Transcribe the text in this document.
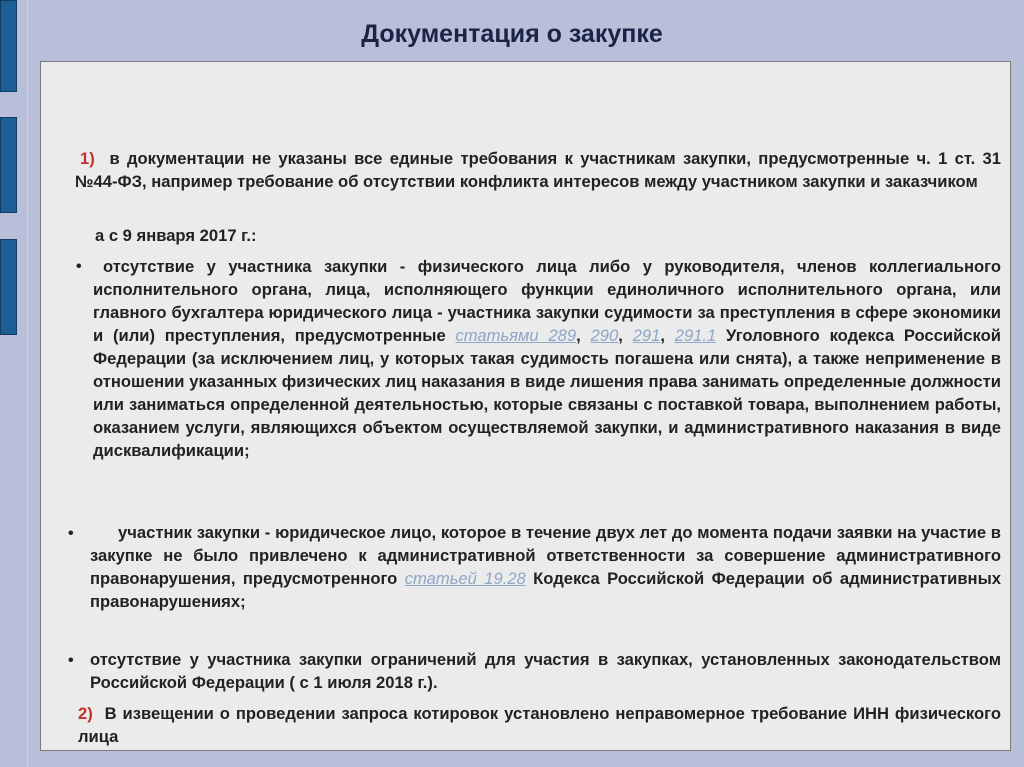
Документация о закупке
1) в документации не указаны все единые требования к участникам закупки, предусмотренные ч. 1 ст. 31 №44-ФЗ, например требование об отсутствии конфликта интересов между участником закупки и заказчиком
а с 9 января 2017 г.:
•	отсутствие у участника закупки - физического лица либо у руководителя, членов коллегиального исполнительного органа, лица, исполняющего функции единоличного исполнительного органа, или главного бухгалтера юридического лица - участника закупки судимости за преступления в сфере экономики и (или) преступления, предусмотренные статьями 289, 290, 291, 291.1 Уголовного кодекса Российской Федерации (за исключением лиц, у которых такая судимость погашена или снята), а также неприменение в отношении указанных физических лиц наказания в виде лишения права занимать определенные должности или заниматься определенной деятельностью, которые связаны с поставкой товара, выполнением работы, оказанием услуги, являющихся объектом осуществляемой закупки, и административного наказания в виде дисквалификации;
•	участник закупки - юридическое лицо, которое в течение двух лет до момента подачи заявки на участие в закупке не было привлечено к административной ответственности за совершение административного правонарушения, предусмотренного статьей 19.28 Кодекса Российской Федерации об административных правонарушениях;
• отсутствие у участника закупки ограничений для участия в закупках, установленных законодательством Российской Федерации ( с 1 июля 2018 г.).
2) В извещении о проведении запроса котировок установлено неправомерное требование ИНН физического лица
